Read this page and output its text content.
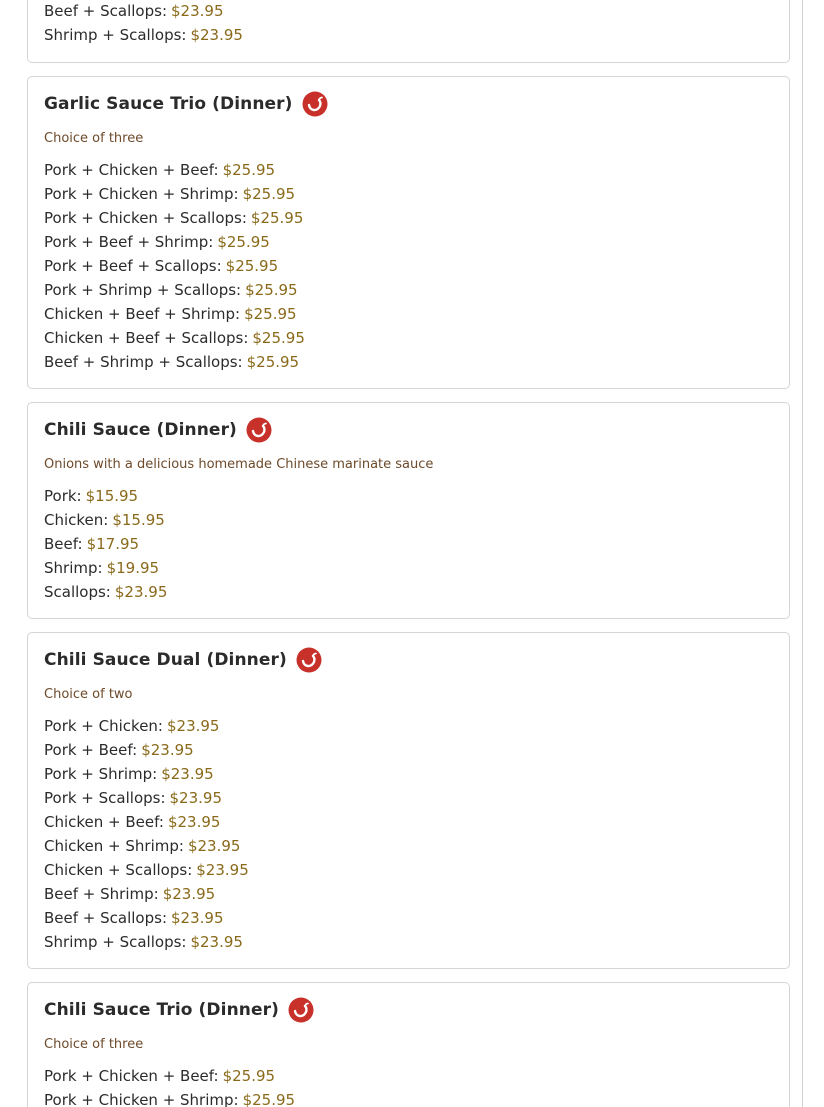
Beef + Scallops: $23.95
Shrimp + Scallops: $23.95
Garlic Sauce Trio (Dinner)
Choice of three
Pork + Chicken + Beef: $25.95
Pork + Chicken + Shrimp: $25.95
Pork + Chicken + Scallops: $25.95
Pork + Beef + Shrimp: $25.95
Pork + Beef + Scallops: $25.95
Pork + Shrimp + Scallops: $25.95
Chicken + Beef + Shrimp: $25.95
Chicken + Beef + Scallops: $25.95
Beef + Shrimp + Scallops: $25.95
Chili Sauce (Dinner)
Onions with a delicious homemade Chinese marinate sauce
Pork: $15.95
Chicken: $15.95
Beef: $17.95
Shrimp: $19.95
Scallops: $23.95
Chili Sauce Dual (Dinner)
Choice of two
Pork + Chicken: $23.95
Pork + Beef: $23.95
Pork + Shrimp: $23.95
Pork + Scallops: $23.95
Chicken + Beef: $23.95
Chicken + Shrimp: $23.95
Chicken + Scallops: $23.95
Beef + Shrimp: $23.95
Beef + Scallops: $23.95
Shrimp + Scallops: $23.95
Chili Sauce Trio (Dinner)
Choice of three
Pork + Chicken + Beef: $25.95
Pork + Chicken + Shrimp: $25.95
